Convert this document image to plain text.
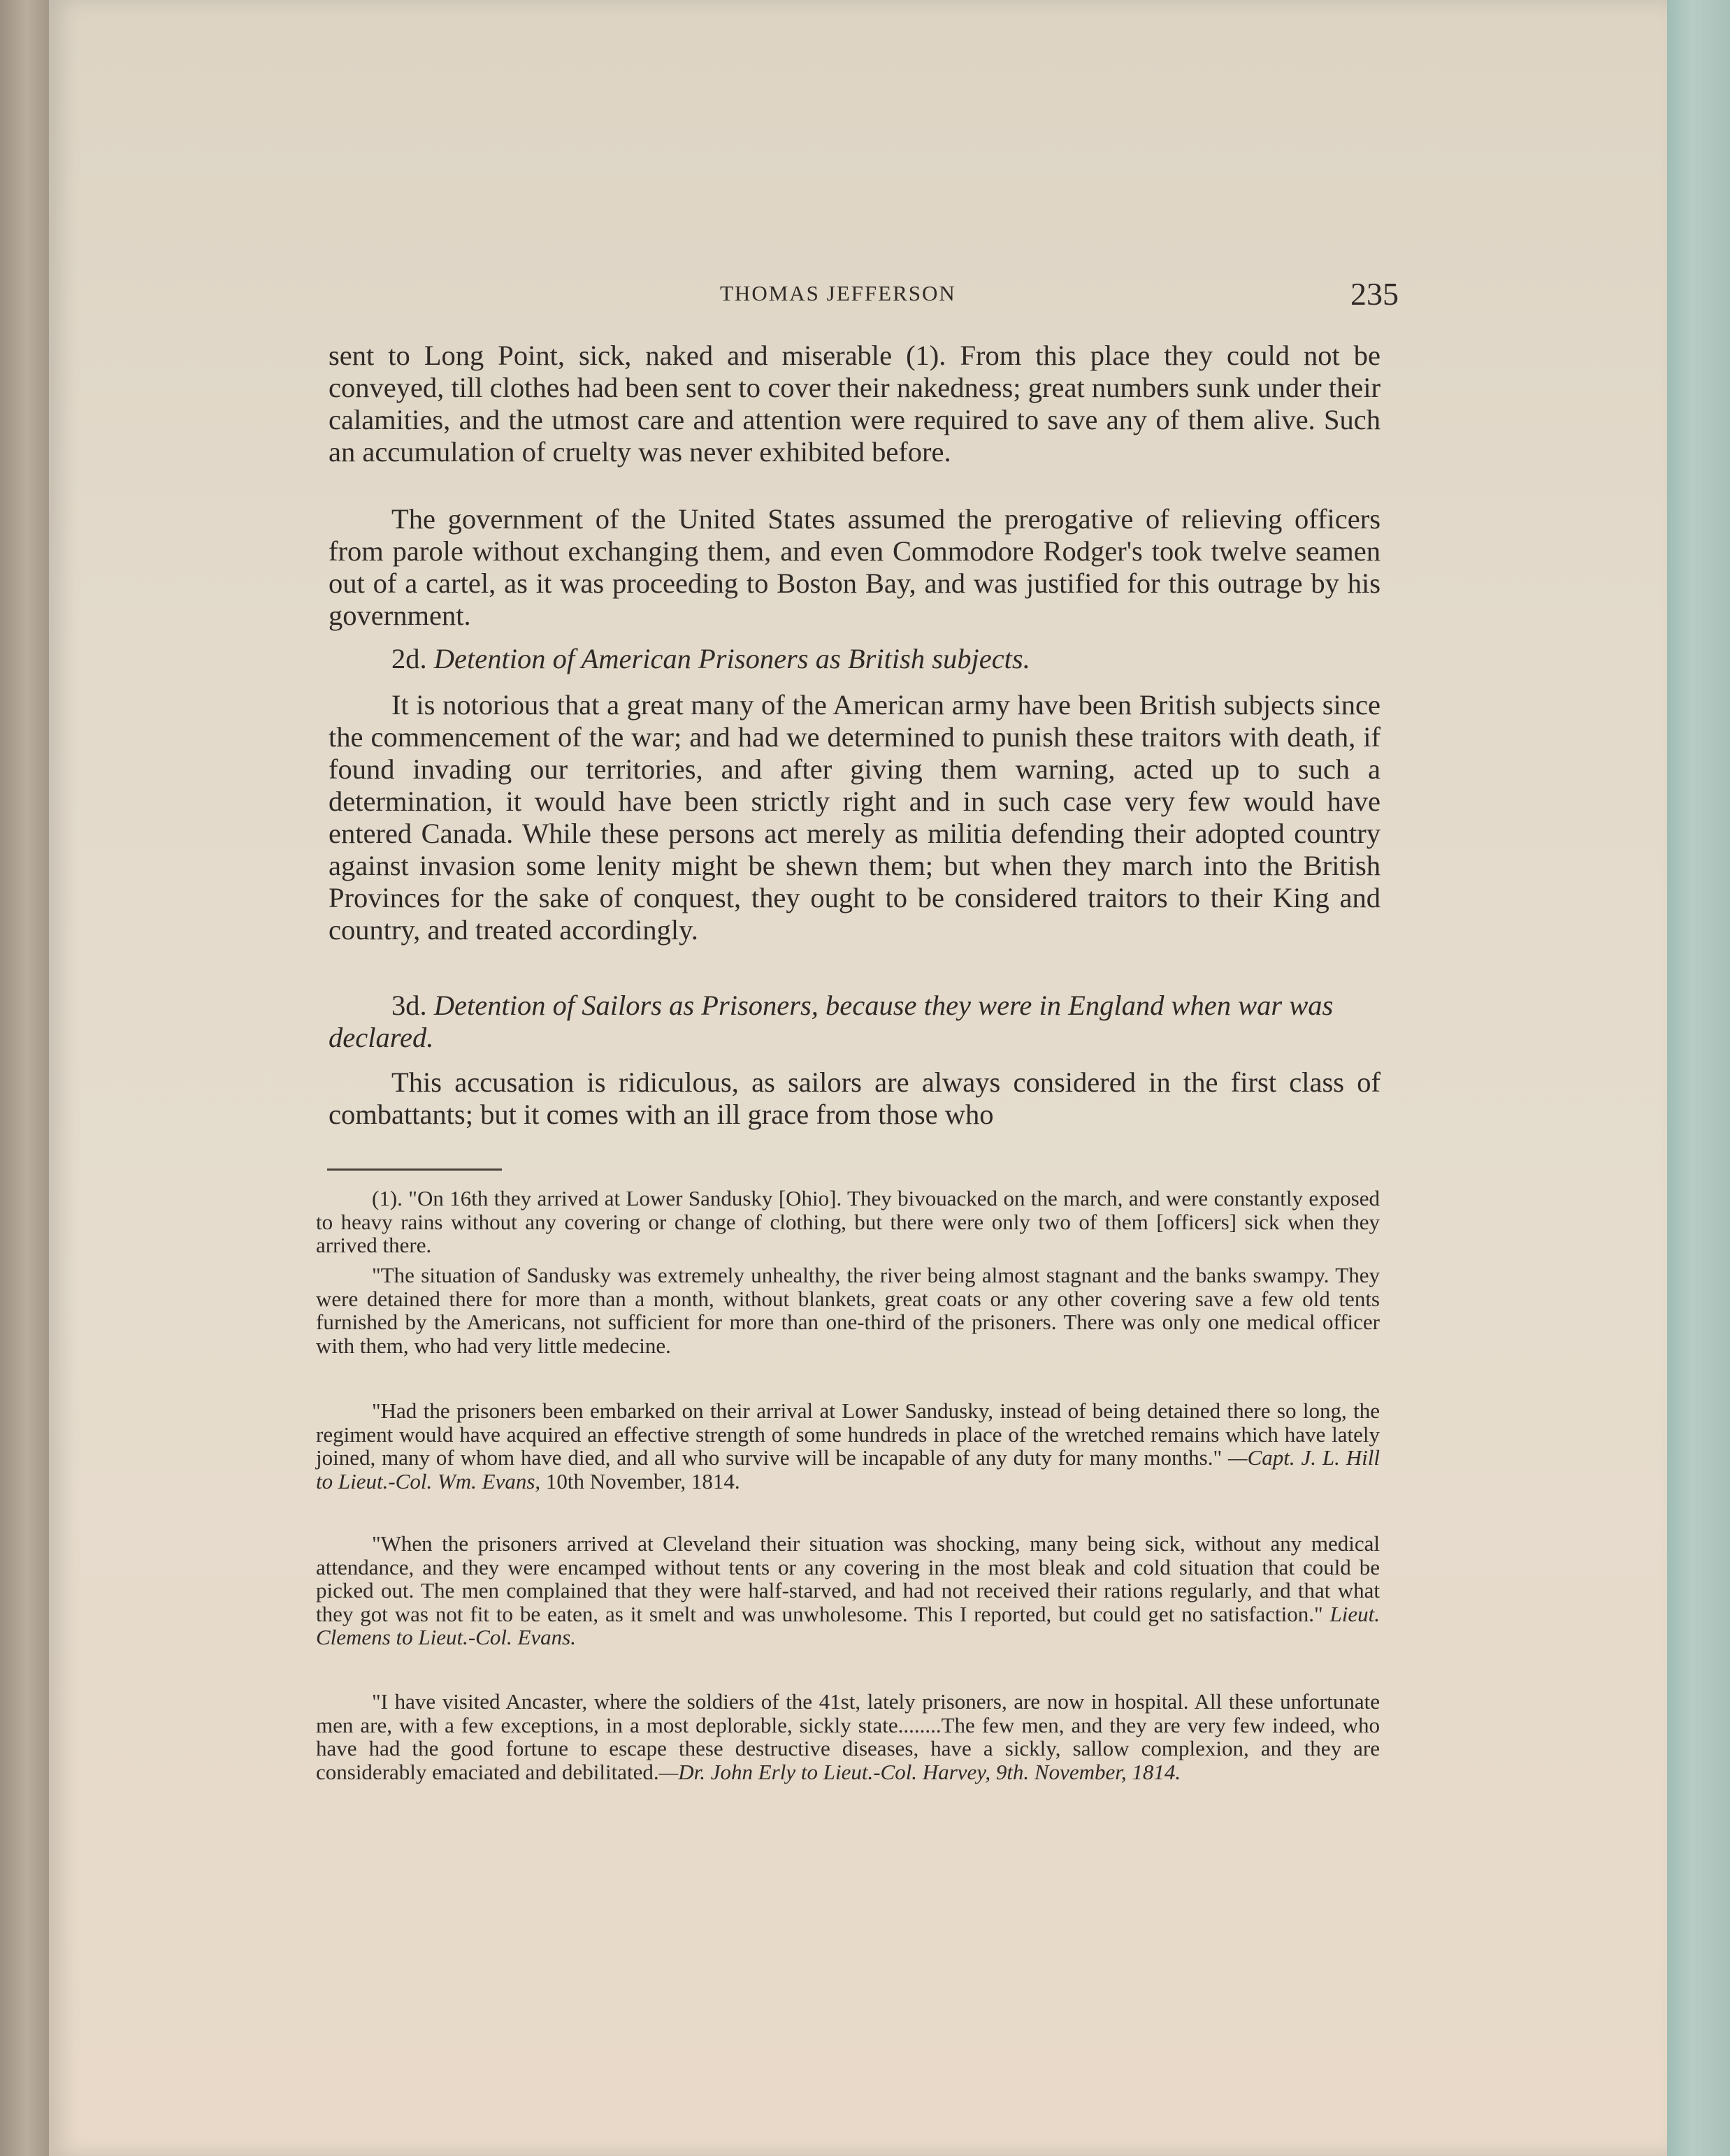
THOMAS JEFFERSON	235

sent to Long Point, sick, naked and miserable (1). From this place they could not be conveyed, till clothes had been sent to cover their nakedness; great numbers sunk under their calamities, and the utmost care and attention were required to save any of them alive. Such an accumulation of cruelty was never exhibited before.

The government of the United States assumed the prerogative of relieving officers from parole without exchanging them, and even Commodore Rodger's took twelve seamen out of a cartel, as it was proceeding to Boston Bay, and was justified for this outrage by his government.

2d. Detention of American Prisoners as British subjects.

It is notorious that a great many of the American army have been British subjects since the commencement of the war; and had we determined to punish these traitors with death, if found invading our territories, and after giving them warning, acted up to such a determination, it would have been strictly right and in such case very few would have entered Canada. While these persons act merely as militia defending their adopted country against invasion some lenity might be shewn them; but when they march into the British Provinces for the sake of conquest, they ought to be considered traitors to their King and country, and treated accordingly.

3d. Detention of Sailors as Prisoners, because they were in England when war was declared.

This accusation is ridiculous, as sailors are always considered in the first class of combattants; but it comes with an ill grace from those who

(1). "On 16th they arrived at Lower Sandusky [Ohio]. They bivouacked on the march, and were constantly exposed to heavy rains without any covering or change of clothing, but there were only two of them [officers] sick when they arrived there.

"The situation of Sandusky was extremely unhealthy, the river being almost stagnant and the banks swampy. They were detained there for more than a month, without blankets, great coats or any other covering save a few old tents furnished by the Americans, not sufficient for more than one-third of the prisoners. There was only one medical officer with them, who had very little medecine.

"Had the prisoners been embarked on their arrival at Lower Sandusky, instead of being detained there so long, the regiment would have acquired an effective strength of some hundreds in place of the wretched remains which have lately joined, many of whom have died, and all who survive will be incapable of any duty for many months." —Capt. J. L. Hill to Lieut.-Col. Wm. Evans, 10th November, 1814.

"When the prisoners arrived at Cleveland their situation was shocking, many being sick, without any medical attendance, and they were encamped without tents or any covering in the most bleak and cold situation that could be picked out. The men complained that they were half-starved, and had not received their rations regularly, and that what they got was not fit to be eaten, as it smelt and was unwholesome. This I reported, but could get no satisfaction." Lieut. Clemens to Lieut.-Col. Evans.

"I have visited Ancaster, where the soldiers of the 41st, lately prisoners, are now in hospital. All these unfortunate men are, with a few exceptions, in a most deplorable, sickly state........The few men, and they are very few indeed, who have had the good fortune to escape these destructive diseases, have a sickly, sallow complexion, and they are considerably emaciated and debilitated.—Dr. John Erly to Lieut.-Col. Harvey, 9th. November, 1814.
